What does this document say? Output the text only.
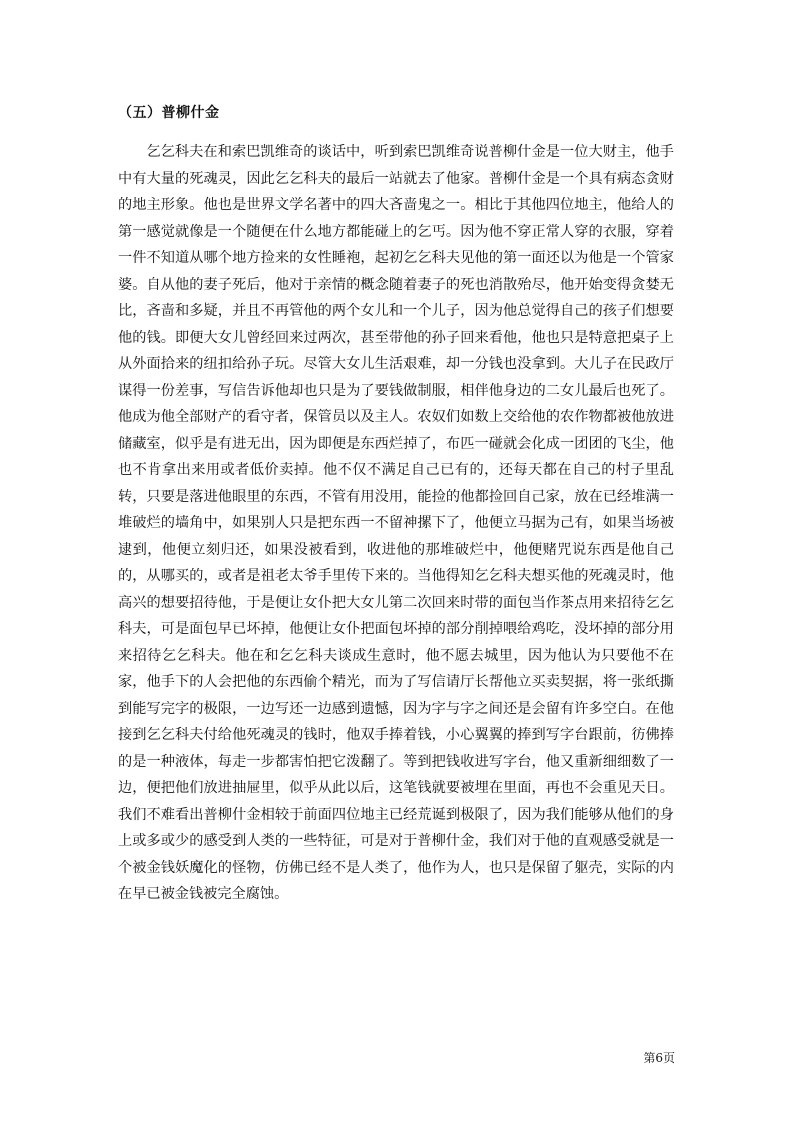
（五）普柳什金

乞乞科夫在和索巴凯维奇的谈话中，听到索巴凯维奇说普柳什金是一位大财主，他手中有大量的死魂灵，因此乞乞科夫的最后一站就去了他家。普柳什金是一个具有病态贪财的地主形象。他也是世界文学名著中的四大吝啬鬼之一。相比于其他四位地主，他给人的第一感觉就像是一个随便在什么地方都能碰上的乞丐。因为他不穿正常人穿的衣服，穿着一件不知道从哪个地方捡来的女性睡袍，起初乞乞科夫见他的第一面还以为他是一个管家婆。自从他的妻子死后，他对于亲情的概念随着妻子的死也消散殆尽，他开始变得贪婪无比，吝啬和多疑，并且不再管他的两个女儿和一个儿子，因为他总觉得自己的孩子们想要他的钱。即便大女儿曾经回来过两次，甚至带他的孙子回来看他，他也只是特意把桌子上从外面拾来的纽扣给孙子玩。尽管大女儿生活艰难，却一分钱也没拿到。大儿子在民政厅谋得一份差事，写信告诉他却也只是为了要钱做制服，相伴他身边的二女儿最后也死了。他成为他全部财产的看守者，保管员以及主人。农奴们如数上交给他的农作物都被他放进储藏室，似乎是有进无出，因为即便是东西烂掉了，布匹一碰就会化成一团团的飞尘，他也不肯拿出来用或者低价卖掉。他不仅不满足自己已有的，还每天都在自己的村子里乱转，只要是落进他眼里的东西，不管有用没用，能捡的他都捡回自己家，放在已经堆满一堆破烂的墙角中，如果别人只是把东西一不留神摞下了，他便立马据为己有，如果当场被逮到，他便立刻归还，如果没被看到，收进他的那堆破烂中，他便赌咒说东西是他自己的，从哪买的，或者是祖老太爷手里传下来的。当他得知乞乞科夫想买他的死魂灵时，他高兴的想要招待他，于是便让女仆把大女儿第二次回来时带的面包当作茶点用来招待乞乞科夫，可是面包早已坏掉，他便让女仆把面包坏掉的部分削掉喂给鸡吃，没坏掉的部分用来招待乞乞科夫。他在和乞乞科夫谈成生意时，他不愿去城里，因为他认为只要他不在家，他手下的人会把他的东西偷个精光，而为了写信请厅长帮他立买卖契据，将一张纸撕到能写完字的极限，一边写还一边感到遗憾，因为字与字之间还是会留有许多空白。在他接到乞乞科夫付给他死魂灵的钱时，他双手捧着钱，小心翼翼的捧到写字台跟前，彷佛捧的是一种液体，每走一步都害怕把它泼翻了。等到把钱收进写字台，他又重新细细数了一边，便把他们放进抽屉里，似乎从此以后，这笔钱就要被埋在里面，再也不会重见天日。我们不难看出普柳什金相较于前面四位地主已经荒诞到极限了，因为我们能够从他们的身上或多或少的感受到人类的一些特征，可是对于普柳什金，我们对于他的直观感受就是一个被金钱妖魔化的怪物，仿佛已经不是人类了，他作为人，也只是保留了躯壳，实际的内在早已被金钱被完全腐蚀。

第6页
